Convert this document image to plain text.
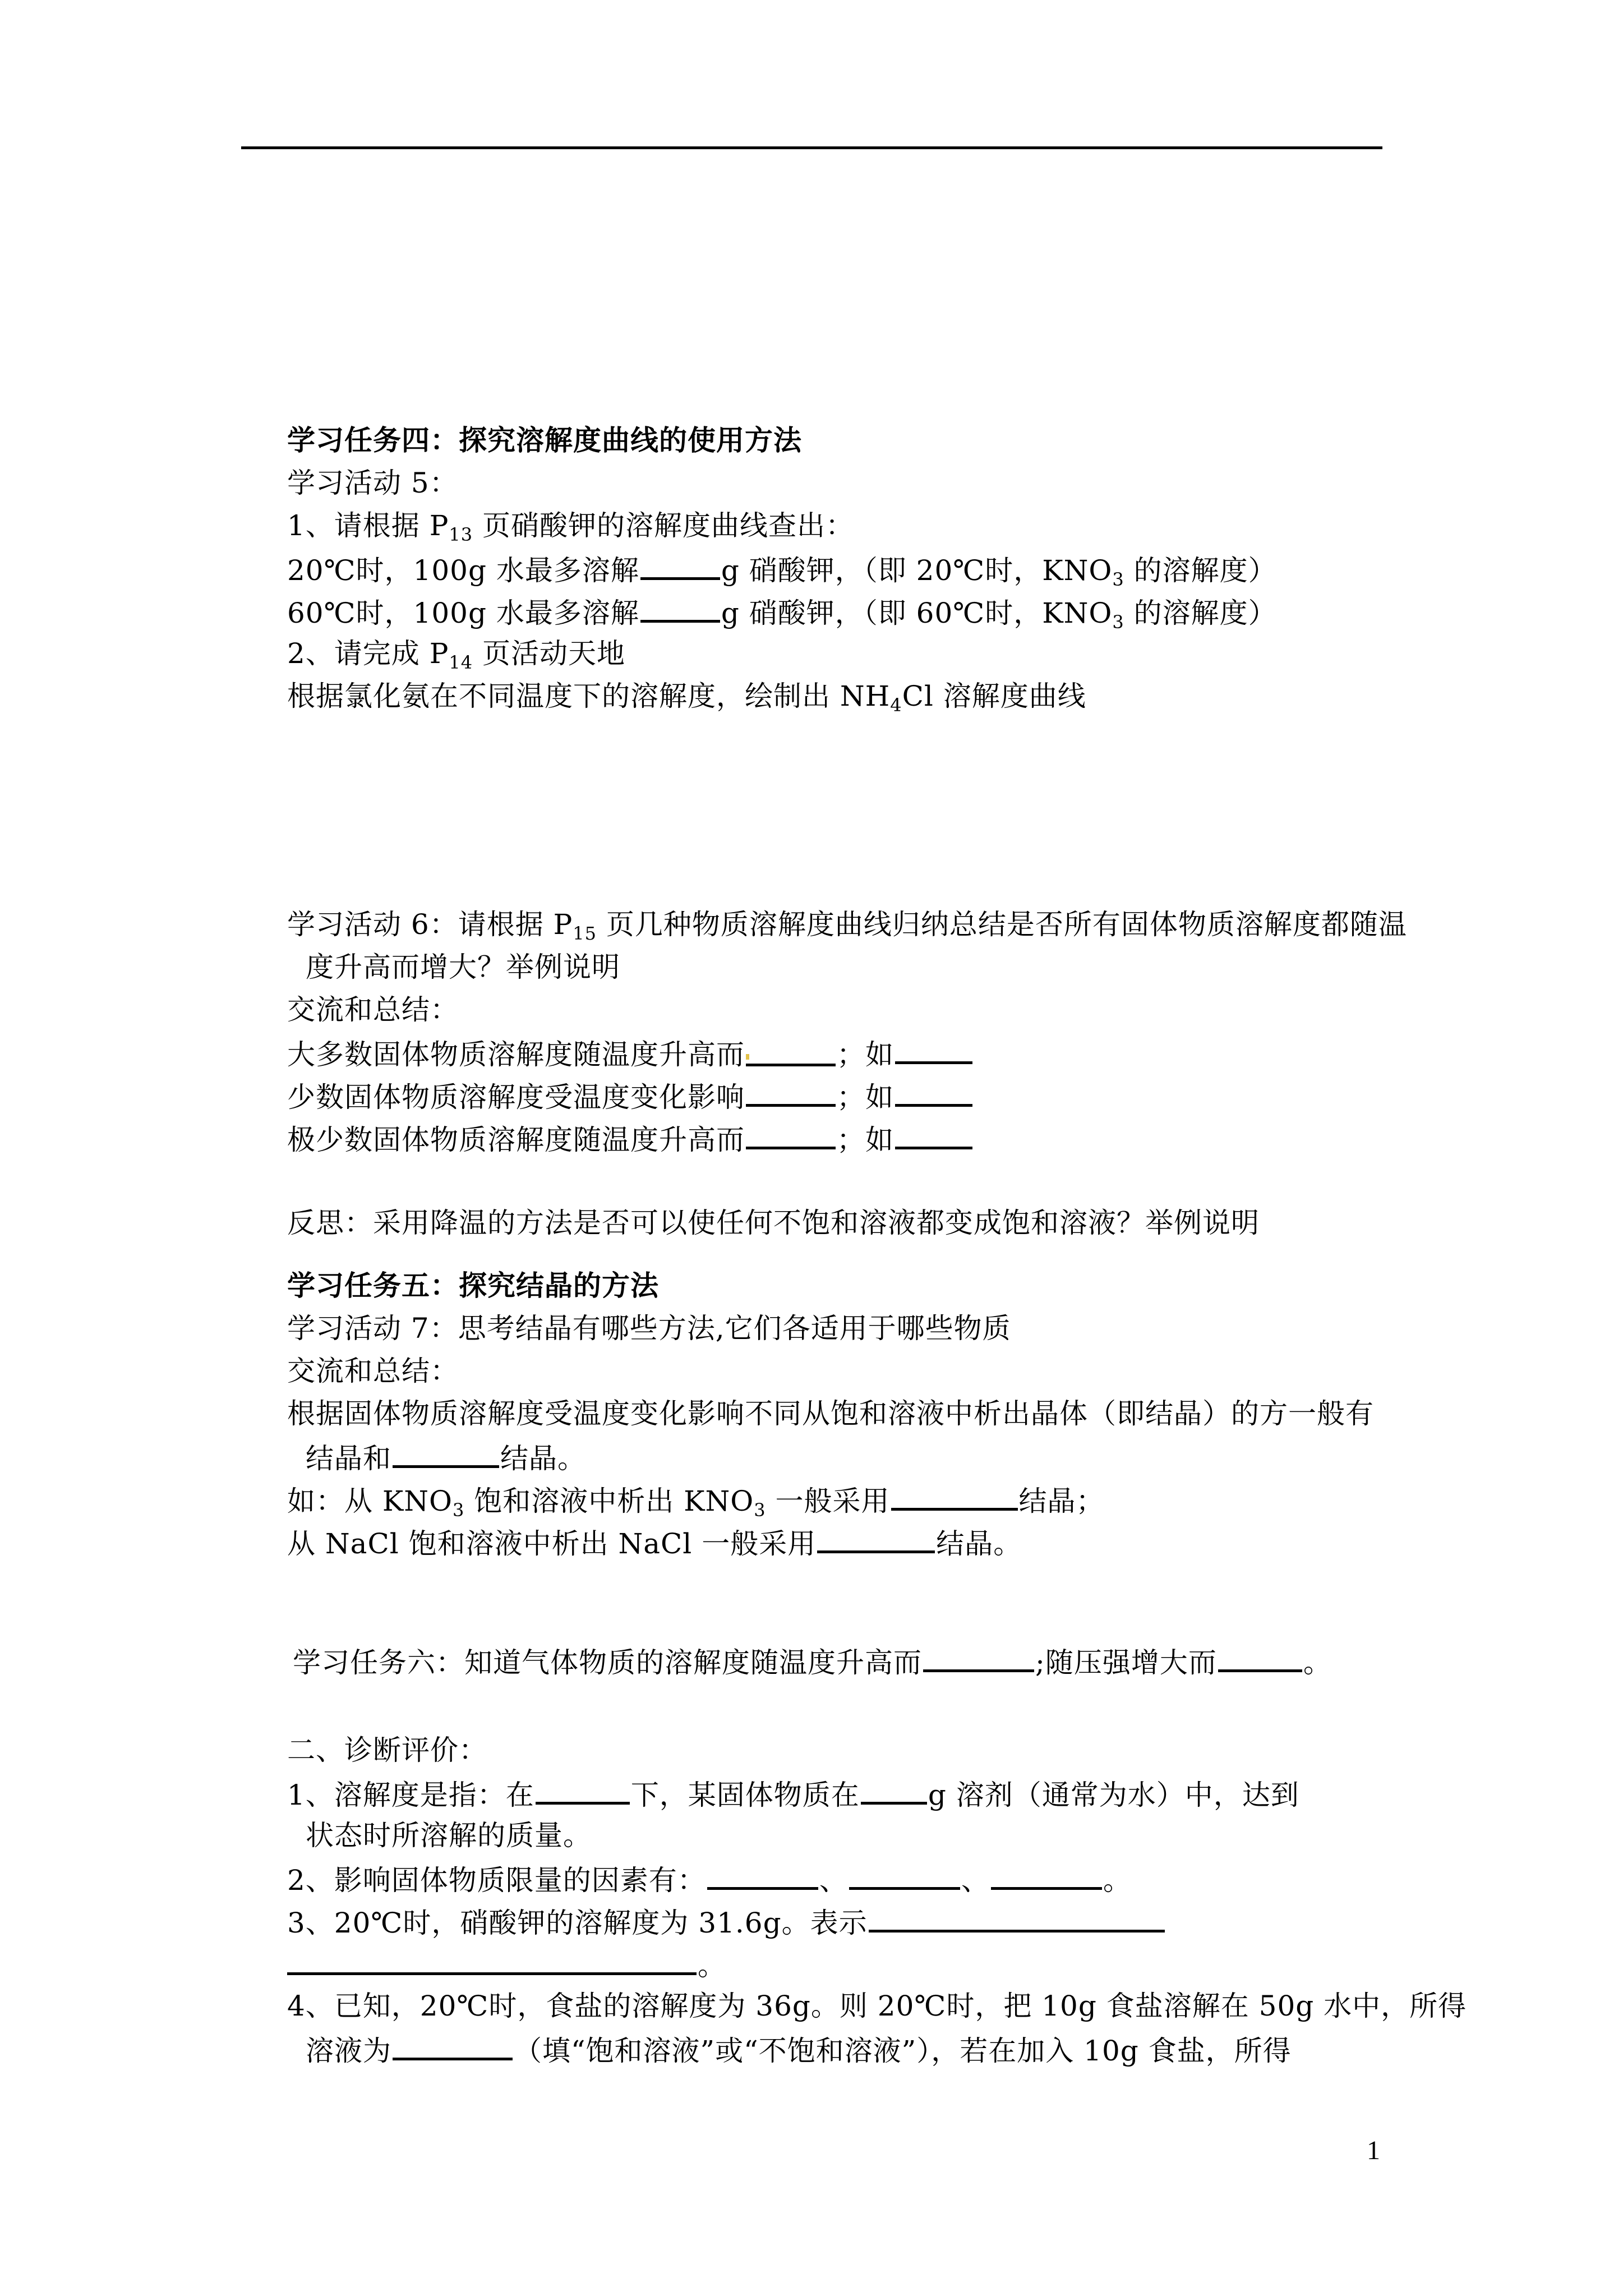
学习任务四：探究溶解度曲线的使用方法
学习活动 5：
1、请根据 $P_{13}$ 页硝酸钾的溶解度曲线查出：
20℃时，100g 水最多溶解	g 硝酸钾，（即 20℃时，$KNO_3$ 的溶解度）
60℃时，100g 水最多溶解	g 硝酸钾，（即 60℃时，$KNO_3$ 的溶解度）
2、请完成 $P_{14}$ 页活动天地
根据氯化氨在不同温度下的溶解度，绘制出 $NH_4Cl$ 溶解度曲线
学习活动 6：请根据 $P_{15}$ 页几种物质溶解度曲线归纳总结是否所有固体物质溶解度都随温
度升高而增大？举例说明
交流和总结：
大多数固体物质溶解度随温度升高而	；如
少数固体物质溶解度受温度变化影响	；如
极少数固体物质溶解度随温度升高而	；如
反思：采用降温的方法是否可以使任何不饱和溶液都变成饱和溶液？举例说明
学习任务五：探究结晶的方法
学习活动 7：思考结晶有哪些方法,它们各适用于哪些物质
交流和总结：
根据固体物质溶解度受温度变化影响不同从饱和溶液中析出晶体（即结晶）的方一般有
结晶和	结晶。
如：从 $KNO_3$ 饱和溶液中析出 $KNO_3$ 一般采用	结晶；
从 NaCl 饱和溶液中析出 NaCl 一般采用	结晶。
学习任务六：知道气体物质的溶解度随温度升高而	;随压强增大而	。
二、诊断评价：
1、溶解度是指：在	下，某固体物质在 g 溶剂（通常为水）中，达到
状态时所溶解的质量。
2、影响固体物质限量的因素有：	、	、	。
3、20℃时，硝酸钾的溶解度为 31.6g。表示
。
4、已知，20℃时，食盐的溶解度为 36g。则 20℃时，把 10g 食盐溶解在 50g 水中，所得
溶液为	（填“饱和溶液”或“不饱和溶液”），若在加入 10g 食盐，所得
1
